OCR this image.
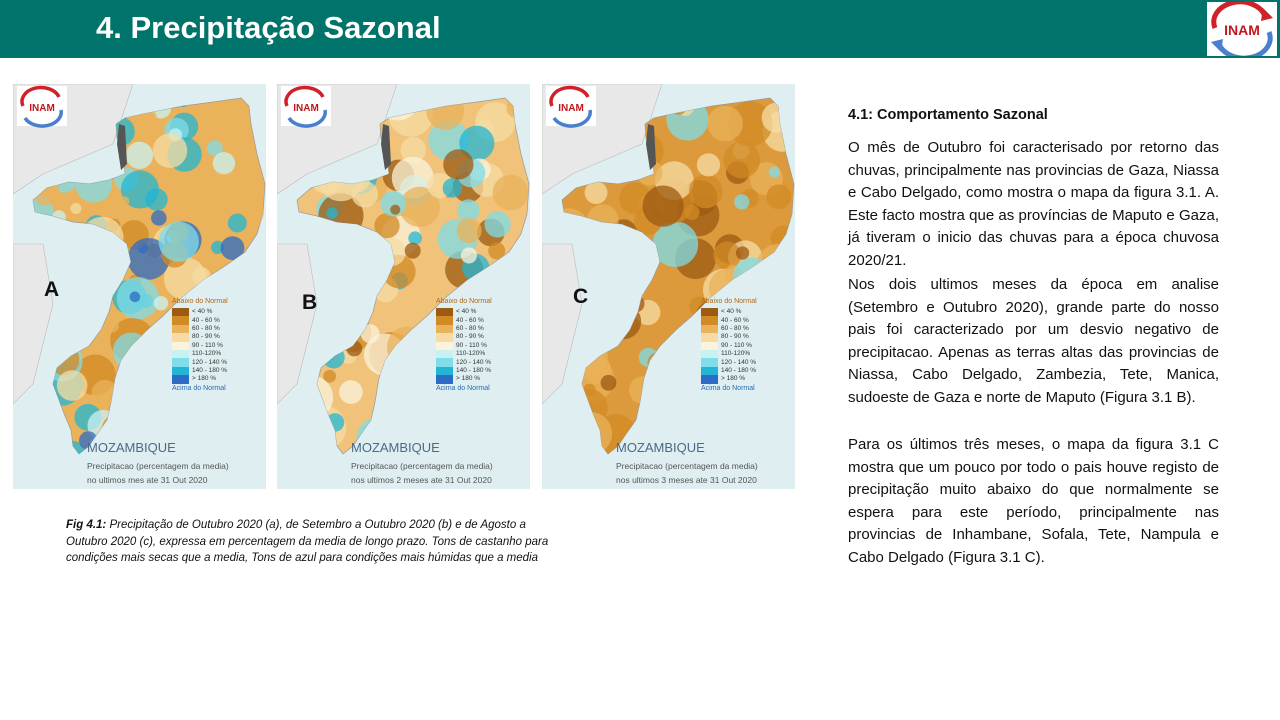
4. Precipitação Sazonal	INAM
INAM
Abaixo do Normal
< 40 %
40 - 60 %
60 - 80 %
80 - 90 %
90 - 110 %
110-120%
120 - 140 %
140 - 180 %
> 180 %
Acima do Normal
MOZAMBIQUE
Precipitacao (percentagem da media)
no ultimos mes ate 31 Out 2020
A
INAM
Abaixo do Normal
< 40 %
40 - 60 %
60 - 80 %
80 - 90 %
90 - 110 %
110-120%
120 - 140 %
140 - 180 %
> 180 %
Acima do Normal
MOZAMBIQUE
Precipitacao (percentagem da media)
nos ultimos 2 meses ate 31 Out 2020
B
INAM
Abaixo do Normal
< 40 %
40 - 60 %
60 - 80 %
80 - 90 %
90 - 110 %
110-120%
120 - 140 %
140 - 180 %
> 180 %
Acima do Normal
MOZAMBIQUE
Precipitacao (percentagem da media)
nos ultimos 3 meses ate 31 Out 2020
C
Fig 4.1: Precipitação de Outubro 2020 (a), de Setembro a Outubro 2020 (b) e de Agosto a Outubro 2020 (c), expressa em percentagem da media de longo prazo. Tons de castanho para condições mais secas que a media, Tons de azul para condições mais húmidas que a media
4.1: Comportamento Sazonal

O mês de Outubro foi caracterisado por retorno das chuvas, principalmente nas provincias de Gaza, Niassa e Cabo Delgado, como mostra o mapa da figura 3.1. A. Este facto mostra que as províncias de Maputo e Gaza, já tiveram o inicio das chuvas para a época chuvosa 2020/21.

Nos dois ultimos meses da época em analise (Setembro e Outubro 2020), grande parte do nosso pais foi caracterizado por um desvio negativo de precipitacao. Apenas as terras altas das provincias de Niassa, Cabo Delgado, Zambezia, Tete, Manica, sudoeste de Gaza e norte de Maputo (Figura 3.1 B).

Para os últimos três meses, o mapa da figura 3.1 C mostra que um pouco por todo o pais houve registo de precipitação muito abaixo do que normalmente se espera para este período, principalmente nas provincias de Inhambane, Sofala, Tete, Nampula e Cabo Delgado (Figura 3.1 C).
